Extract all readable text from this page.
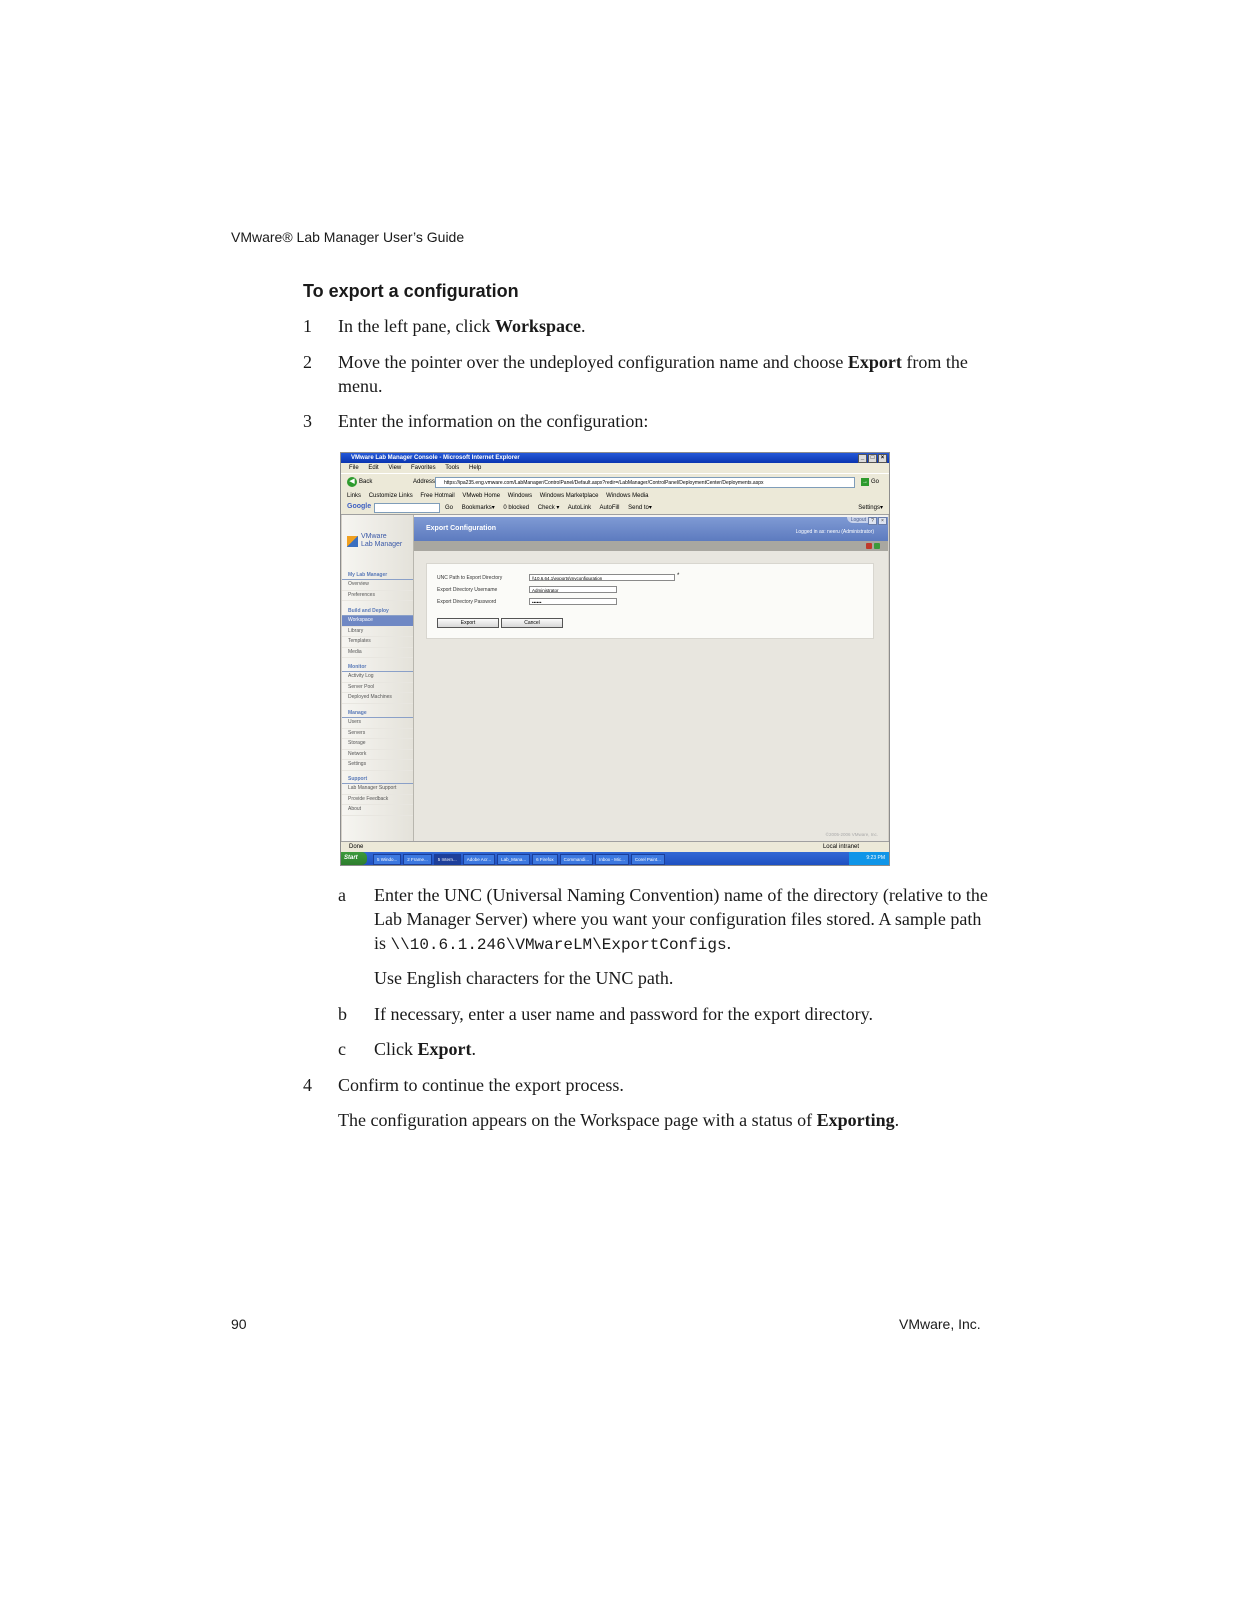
VMware® Lab Manager User’s Guide
To export a configuration
1 In the left pane, click Workspace.
2 Move the pointer over the undeployed configuration name and choose Export from the menu.
3 Enter the information on the configuration:
VMware Lab Manager Console - Microsoft Internet Explorer	_	□	×
File Edit View Favorites Tools Help
◀ Back	Address	https://ipa235.eng.vmware.com/LabManager/ControlPanel/Default.aspx?redir=/LabManager/ControlPanel/DeploymentCenter/Deployments.aspx	→ Go
Links Customize Links Free Hotmail VMweb Home Windows Windows Marketplace Windows Media
Google	Go Bookmarks▾ 0 blocked Check ▾ AutoLink AutoFill Send to▾	Settings▾
VMware
Lab Manager
My Lab Manager
Overview
Preferences
Build and Deploy
Workspace
Library
Templates
Media
Monitor
Activity Log
Server Pool
Deployed Machines
Manage
Users
Servers
Storage
Network
Settings
Support
Lab Manager Support
Provide Feedback
About
Export Configuration
Logout	?	×
Logged in as: neeru (Administrator)
UNC Path to Export Directory	\\10.6.64.1\exports\myconfiguration	*
Export Directory Username	Administrator
Export Directory Password	••••••
Export	Cancel
©2005-2006 VMware, Inc.
Done	Local intranet
Start	5 Windo...	2 Frame...	5 Intern...	Adobe Acr...	Lab_Mana...	6 Firefox	Commandi...	Inbox - Mic...	Corel Paint...	9:23 PM
a Enter the UNC (Universal Naming Convention) name of the directory (relative to the Lab Manager Server) where you want your configuration files stored. A sample path is \\10.6.1.246\VMwareLM\ExportConfigs.
Use English characters for the UNC path.
b If necessary, enter a user name and password for the export directory.
c Click Export.
4 Confirm to continue the export process.
The configuration appears on the Workspace page with a status of Exporting.
90	VMware, Inc.
